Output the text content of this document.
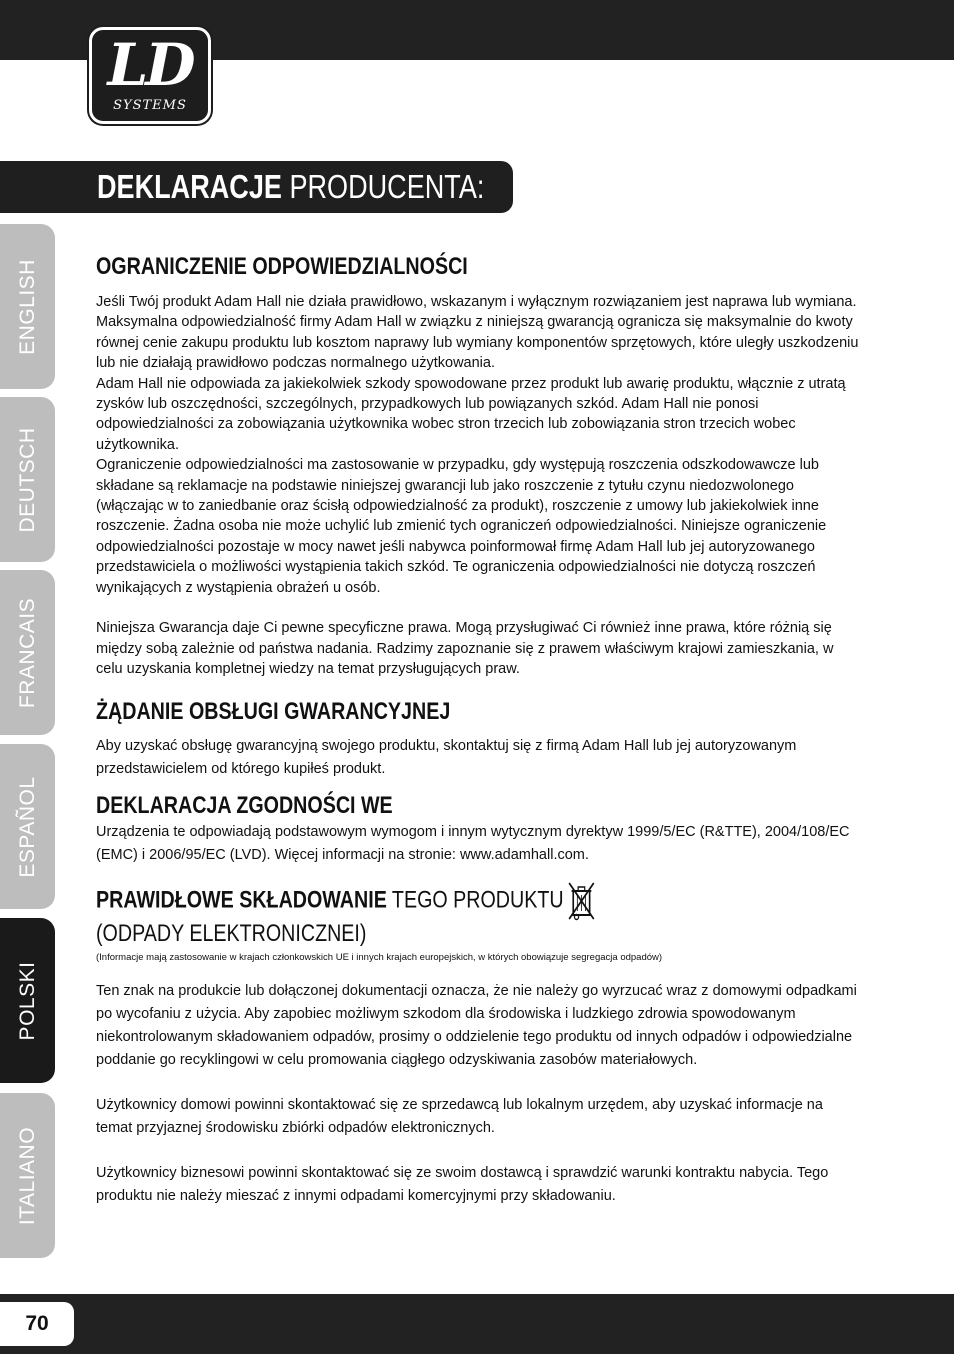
LD
SYSTEMS
DEKLARACJE PRODUCENTA:
ENGLISH
DEUTSCH
FRANCAIS
ESPAÑOL
POLSKI
ITALIANO
OGRANICZENIE ODPOWIEDZIALNOŚCI

Jeśli Twój produkt Adam Hall nie działa prawidłowo, wskazanym i wyłącznym rozwiązaniem jest naprawa lub wymiana. Maksymalna odpowiedzialność firmy Adam Hall w związku z niniejszą gwarancją ogranicza się maksymalnie do kwoty równej cenie zakupu produktu lub kosztom naprawy lub wymiany komponentów sprzętowych, które uległy uszkodzeniu lub nie działają prawidłowo podczas normalnego użytkowania.

Adam Hall nie odpowiada za jakiekolwiek szkody spowodowane przez produkt lub awarię produktu, włącznie z utratą zysków lub oszczędności, szczególnych, przypadkowych lub powiązanych szkód. Adam Hall nie ponosi odpowiedzialności za zobowiązania użytkownika wobec stron trzecich lub zobowiązania stron trzecich wobec użytkownika.

Ograniczenie odpowiedzialności ma zastosowanie w przypadku, gdy występują roszczenia odszkodowawcze lub składane są reklamacje na podstawie niniejszej gwarancji lub jako roszczenie z tytułu czynu niedozwolonego (włączając w to zaniedbanie oraz ścisłą odpowiedzialność za produkt), roszczenie z umowy lub jakiekolwiek inne roszczenie. Żadna osoba nie może uchylić lub zmienić tych ograniczeń odpowiedzialności. Niniejsze ograniczenie odpowiedzialności pozostaje w mocy nawet jeśli nabywca poinformował firmę Adam Hall lub jej autoryzowanego przedstawiciela o możliwości wystąpienia takich szkód. Te ograniczenia odpowiedzialności nie dotyczą roszczeń wynikających z wystąpienia obrażeń u osób.

Niniejsza Gwarancja daje Ci pewne specyficzne prawa. Mogą przysługiwać Ci również inne prawa, które różnią się między sobą zależnie od państwa nadania. Radzimy zapoznanie się z prawem właściwym krajowi zamieszkania, w celu uzyskania kompletnej wiedzy na temat przysługujących praw.

ŻĄDANIE OBSŁUGI GWARANCYJNEJ

Aby uzyskać obsługę gwarancyjną swojego produktu, skontaktuj się z firmą Adam Hall lub jej autoryzowanym przedstawicielem od którego kupiłeś produkt.

DEKLARACJA ZGODNOŚCI WE

Urządzenia te odpowiadają podstawowym wymogom i innym wytycznym dyrektyw 1999/5/EC (R&TTE), 2004/108/EC (EMC) i 2006/95/EC (LVD). Więcej informacji na stronie: www.adamhall.com.

PRAWIDŁOWE SKŁADOWANIE TEGO PRODUKTU
(ODPADY ELEKTRONICZNEI)

(Informacje mają zastosowanie w krajach członkowskich UE i innych krajach europejskich, w których obowiązuje segregacja odpadów)

Ten znak na produkcie lub dołączonej dokumentacji oznacza, że nie należy go wyrzucać wraz z domowymi odpadkami po wycofaniu z użycia. Aby zapobiec możliwym szkodom dla środowiska i ludzkiego zdrowia spowodowanym niekontrolowanym składowaniem odpadów, prosimy o oddzielenie tego produktu od innych odpadów i odpowiedzialne poddanie go recyklingowi w celu promowania ciągłego odzyskiwania zasobów materiałowych.

Użytkownicy domowi powinni skontaktować się ze sprzedawcą lub lokalnym urzędem, aby uzyskać informacje na temat przyjaznej środowisku zbiórki odpadów elektronicznych.

Użytkownicy biznesowi powinni skontaktować się ze swoim dostawcą i sprawdzić warunki kontraktu nabycia. Tego produktu nie należy mieszać z innymi odpadami komercyjnymi przy składowaniu.

70
